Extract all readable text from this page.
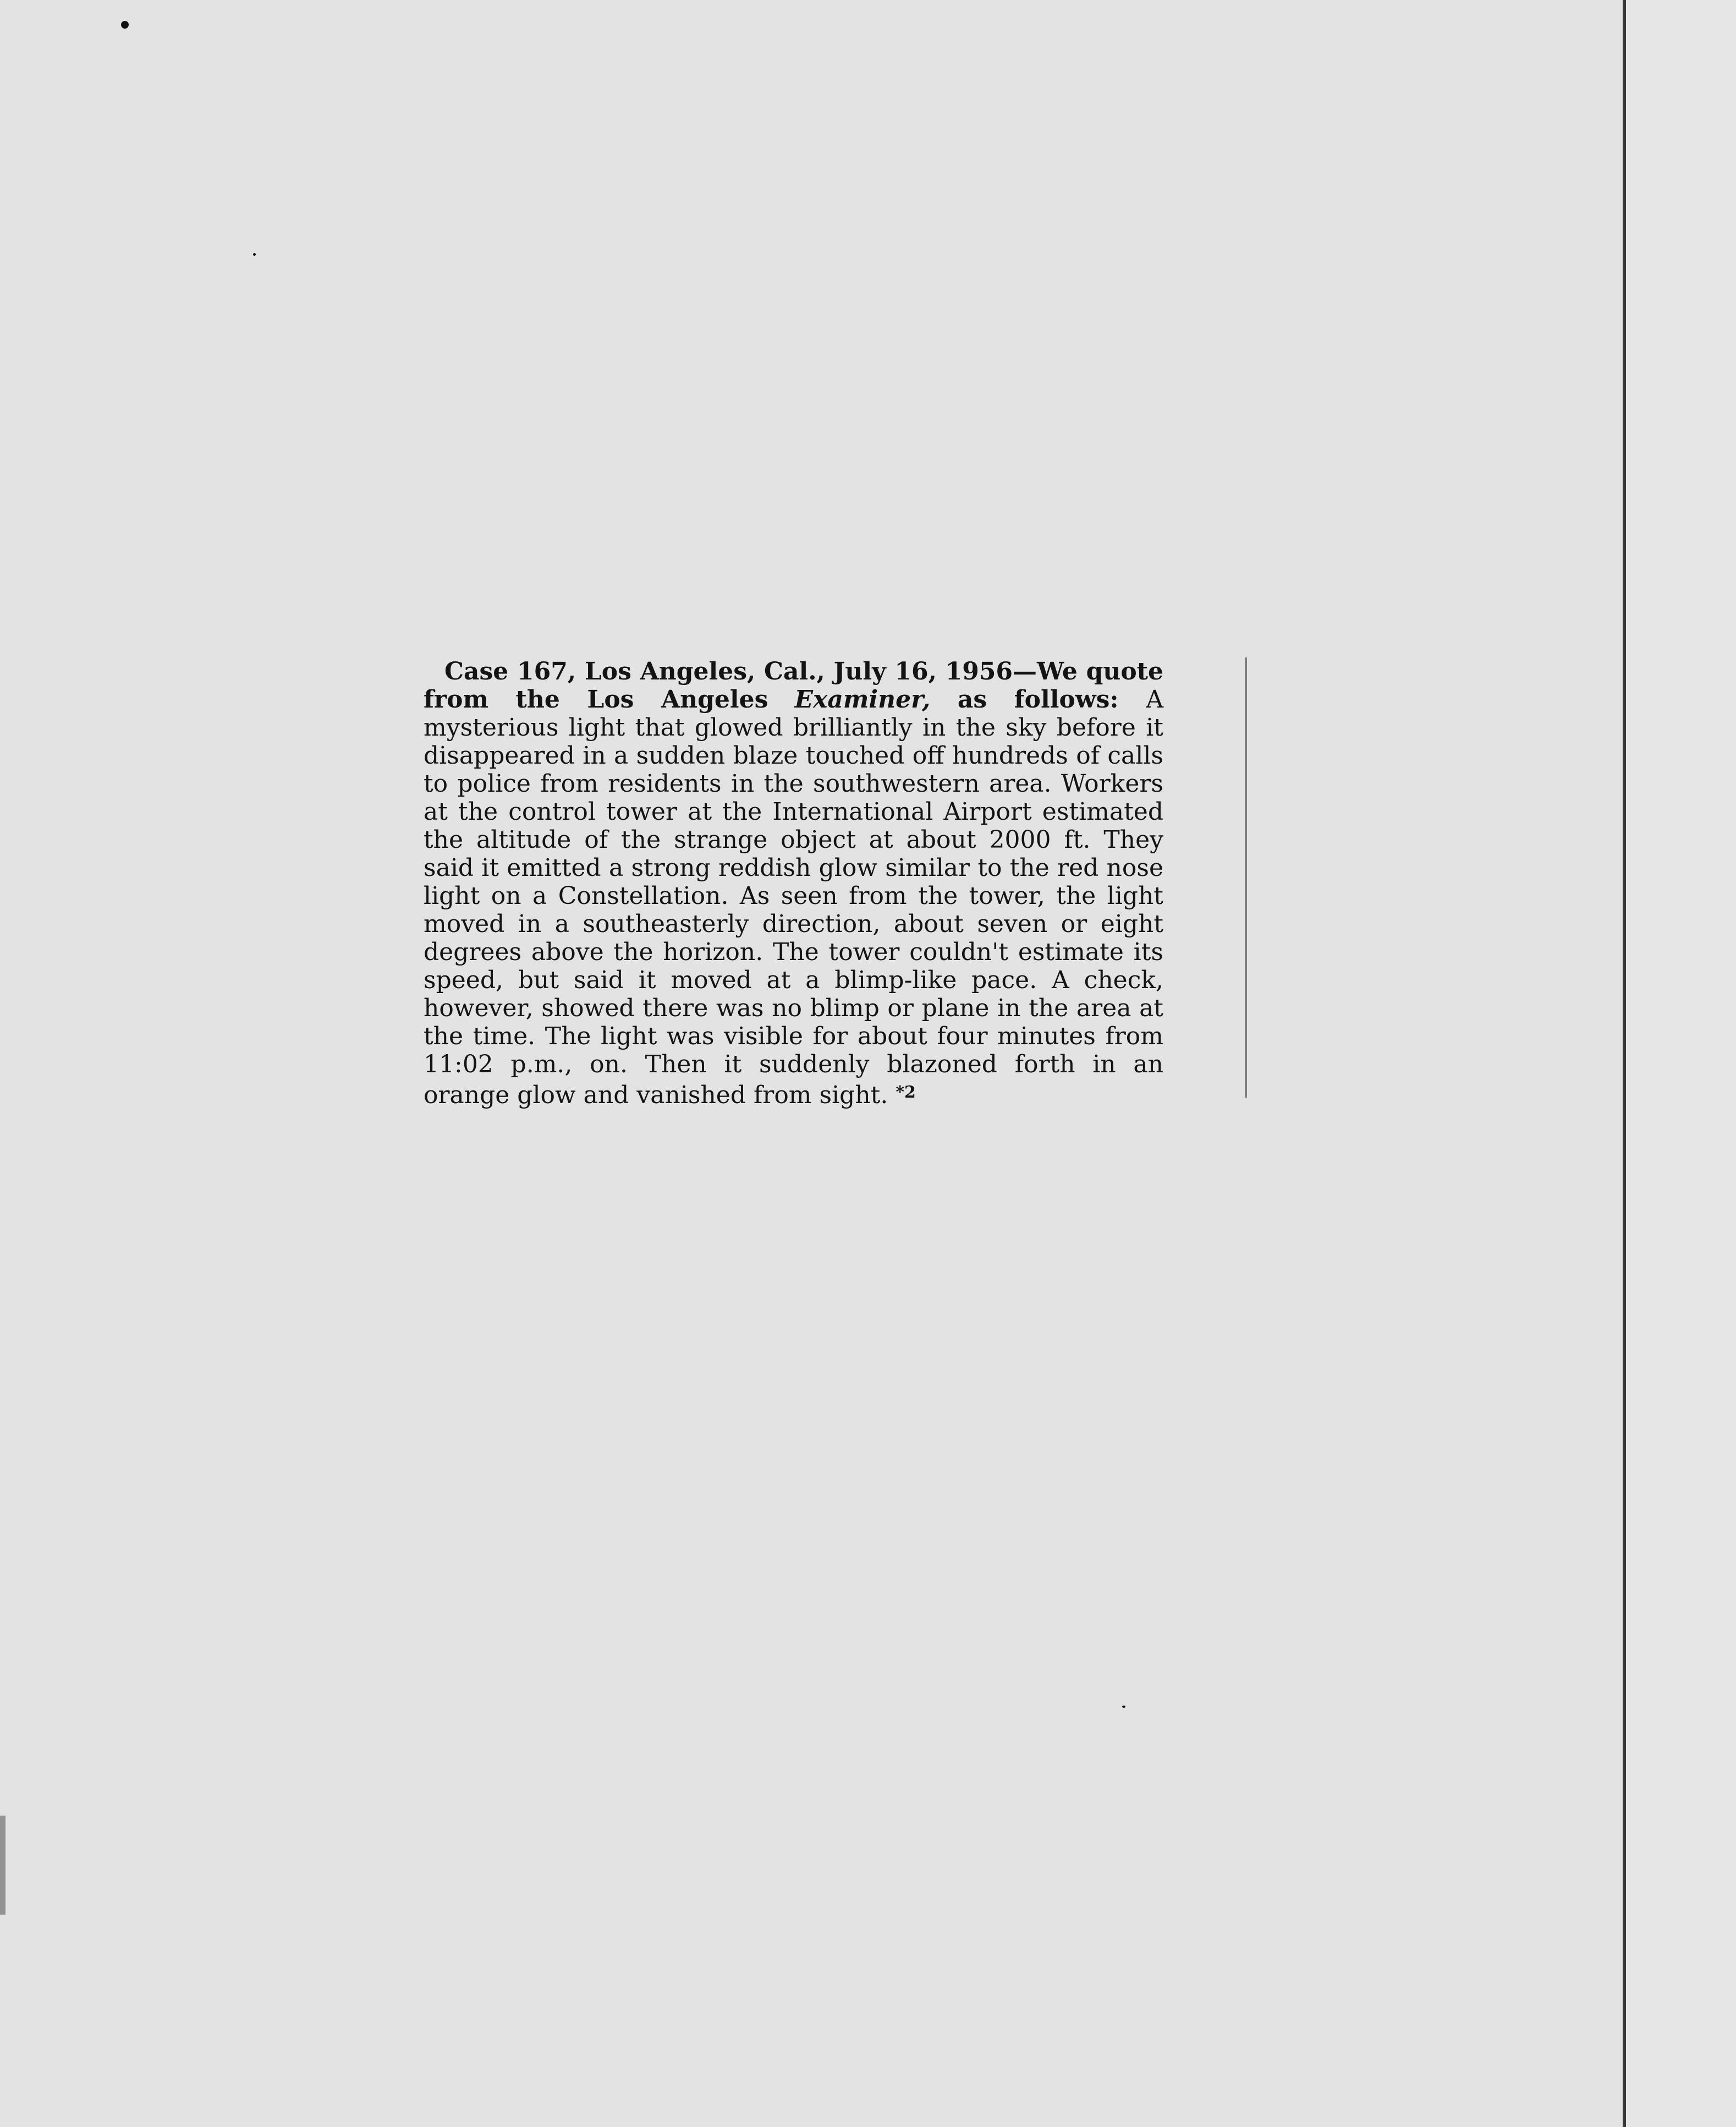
Case 167, Los Angeles, Cal., July 16, 1956—We quote from the Los Angeles Examiner, as follows: A mysterious light that glowed brilliantly in the sky before it disappeared in a sudden blaze touched off hundreds of calls to police from residents in the southwestern area. Workers at the control tower at the International Airport estimated the altitude of the strange object at about 2000 ft. They said it emitted a strong reddish glow similar to the red nose light on a Constellation. As seen from the tower, the light moved in a southeasterly direction, about seven or eight degrees above the horizon. The tower couldn't estimate its speed, but said it moved at a blimp-like pace. A check, however, showed there was no blimp or plane in the area at the time. The light was visible for about four minutes from 11:02 p.m., on. Then it suddenly blazoned forth in an orange glow and vanished from sight. $^{*2}$
